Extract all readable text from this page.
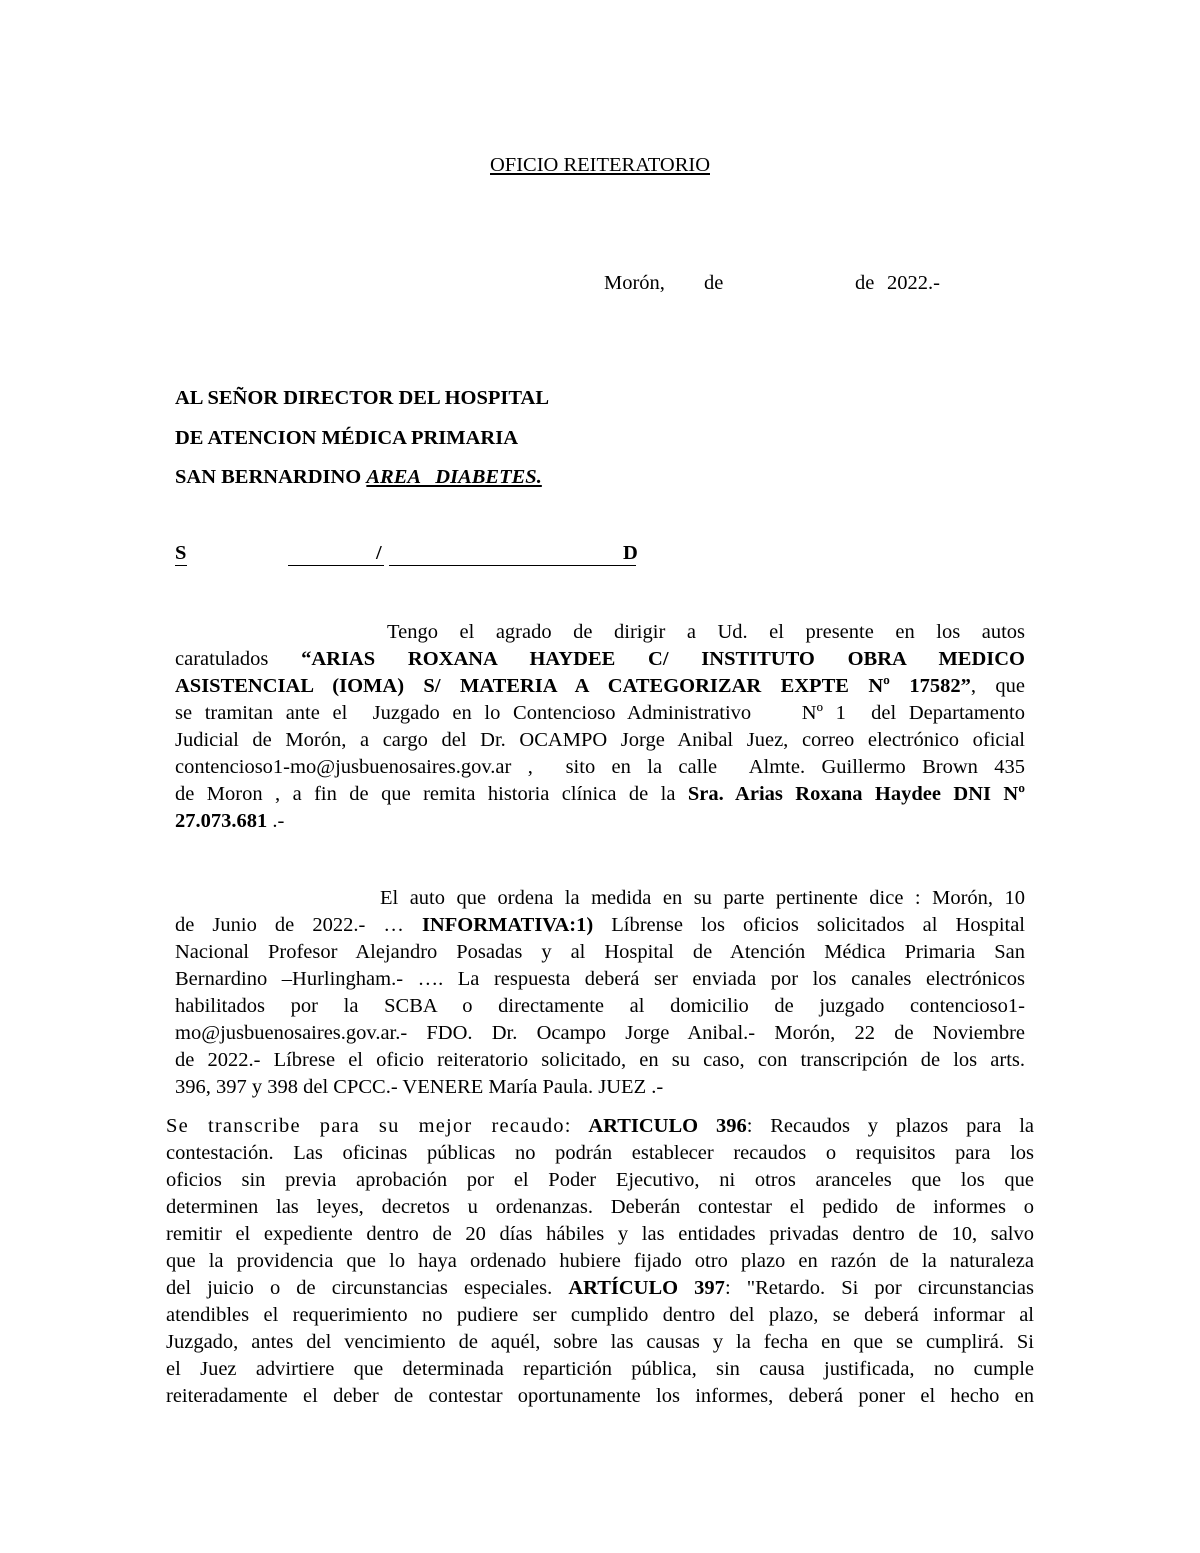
OFICIO REITERATORIO

Morón,

de

	de

2022.-

AL SEÑOR DIRECTOR DEL HOSPITAL
DE ATENCION MÉDICA PRIMARIA
SAN BERNARDINO AREA   DIABETES.
S	/	D
Tengo el agrado de dirigir a Ud. el presente en los autos
caratulados “ARIAS ROXANA HAYDEE C/ INSTITUTO OBRA MEDICO
ASISTENCIAL (IOMA) S/ MATERIA A CATEGORIZAR EXPTE Nº 17582”, que
se tramitan ante el  Juzgado en lo Contencioso Administrativo    Nº 1  del Departamento
Judicial de Morón, a cargo del Dr. OCAMPO Jorge Anibal Juez, correo electrónico oficial
contencioso1-mo@jusbuenosaires.gov.ar ,  sito en la calle  Almte. Guillermo Brown 435
de Moron , a fin de que remita historia clínica de la Sra. Arias Roxana Haydee DNI Nº
27.073.681 .-
El auto que ordena la medida en su parte pertinente dice : Morón, 10
de Junio de 2022.- … INFORMATIVA:1) Líbrense los oficios solicitados al Hospital
Nacional Profesor Alejandro Posadas y al Hospital de Atención Médica Primaria San
Bernardino –Hurlingham.- …. La respuesta deberá ser enviada por los canales electrónicos
habilitados por la SCBA o directamente al domicilio de juzgado contencioso1-
mo@jusbuenosaires.gov.ar.- FDO. Dr. Ocampo Jorge Anibal.- Morón, 22 de Noviembre
de 2022.- Líbrese el oficio reiteratorio solicitado, en su caso, con transcripción de los arts.
396, 397 y 398 del CPCC.- VENERE María Paula. JUEZ .-
Se transcribe para su mejor recaudo: ARTICULO 396: Recaudos y plazos para la
contestación. Las oficinas públicas no podrán establecer recaudos o requisitos para los
oficios sin previa aprobación por el Poder Ejecutivo, ni otros aranceles que los que
determinen las leyes, decretos u ordenanzas. Deberán contestar el pedido de informes o
remitir el expediente dentro de 20 días hábiles y las entidades privadas dentro de 10, salvo
que la providencia que lo haya ordenado hubiere fijado otro plazo en razón de la naturaleza
del juicio o de circunstancias especiales. ARTÍCULO 397: "Retardo. Si por circunstancias
atendibles el requerimiento no pudiere ser cumplido dentro del plazo, se deberá informar al
Juzgado, antes del vencimiento de aquél, sobre las causas y la fecha en que se cumplirá. Si
el Juez advirtiere que determinada repartición pública, sin causa justificada, no cumple
reiteradamente el deber de contestar oportunamente los informes, deberá poner el hecho en
